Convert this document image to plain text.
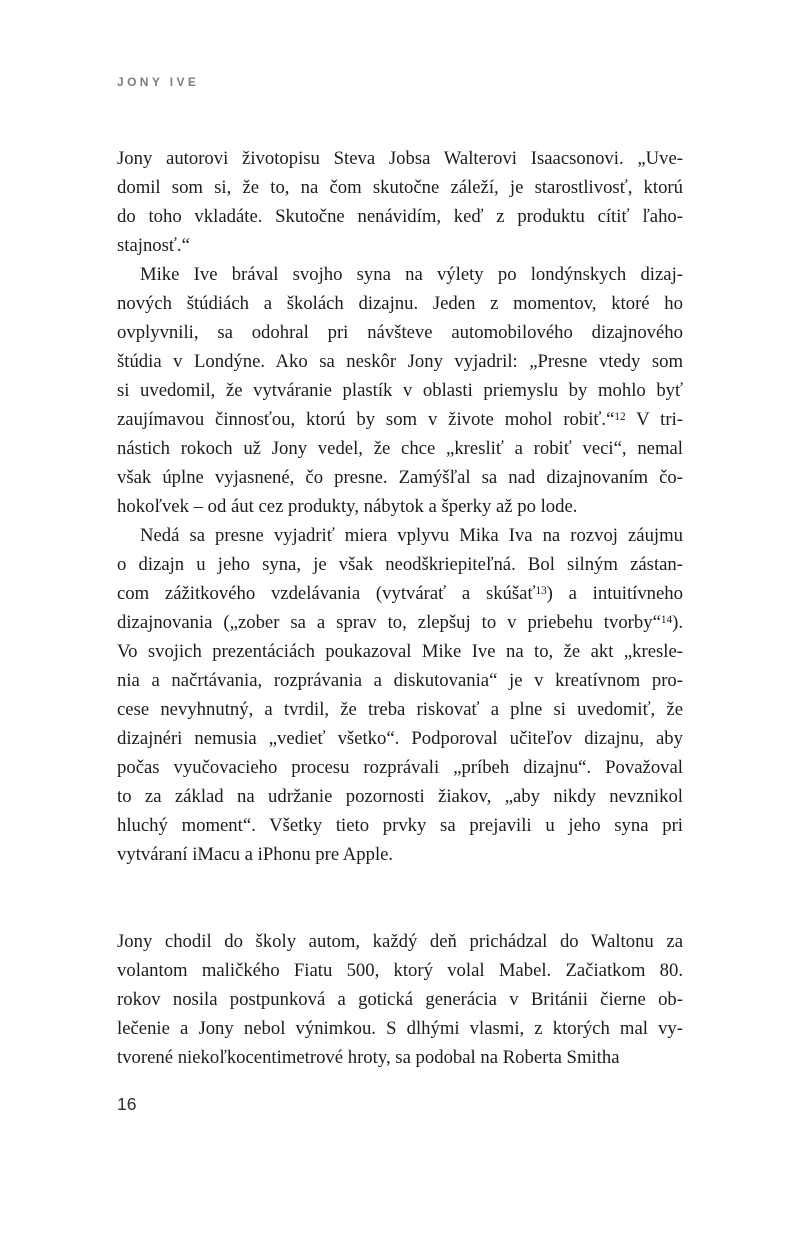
JONY IVE
Jony autorovi životopisu Steva Jobsa Walterovi Isaacsonovi. „Uve-
domil som si, že to, na čom skutočne záleží, je starostlivosť, ktorú
do toho vkladáte. Skutočne nenávidím, keď z produktu cítiť ľaho-
stajnosť.“
Mike Ive brával svojho syna na výlety po londýnskych dizaj-
nových štúdiách a školách dizajnu. Jeden z momentov, ktoré ho
ovplyvnili, sa odohral pri návšteve automobilového dizajnového
štúdia v Londýne. Ako sa neskôr Jony vyjadril: „Presne vtedy som
si uvedomil, že vytváranie plastík v oblasti priemyslu by mohlo byť
zaujímavou činnosťou, ktorú by som v živote mohol robiť.“$^{12}$ V tri-
nástich rokoch už Jony vedel, že chce „kresliť a robiť veci“, nemal
však úplne vyjasnené, čo presne. Zamýšľal sa nad dizajnovaním čo-
hokoľvek – od áut cez produkty, nábytok a šperky až po lode.
Nedá sa presne vyjadriť miera vplyvu Mika Iva na rozvoj záujmu
o dizajn u jeho syna, je však neodškriepiteľná. Bol silným zástan-
com zážitkového vzdelávania (vytvárať a skúšať$^{13}$) a intuitívneho
dizajnovania („zober sa a sprav to, zlepšuj to v priebehu tvorby“$^{14}$).
Vo svojich prezentáciách poukazoval Mike Ive na to, že akt „kresle-
nia a načrtávania, rozprávania a diskutovania“ je v kreatívnom pro-
cese nevyhnutný, a tvrdil, že treba riskovať a plne si uvedomiť, že
dizajnéri nemusia „vedieť všetko“. Podporoval učiteľov dizajnu, aby
počas vyučovacieho procesu rozprávali „príbeh dizajnu“. Považoval
to za základ na udržanie pozornosti žiakov, „aby nikdy nevznikol
hluchý moment“. Všetky tieto prvky sa prejavili u jeho syna pri
vytváraní iMacu a iPhonu pre Apple.
Jony chodil do školy autom, každý deň prichádzal do Waltonu za
volantom maličkého Fiatu 500, ktorý volal Mabel. Začiatkom 80.
rokov nosila postpunková a gotická generácia v Británii čierne ob-
lečenie a Jony nebol výnimkou. S dlhými vlasmi, z ktorých mal vy-
tvorené niekoľkocentimetrové hroty, sa podobal na Roberta Smitha
16
